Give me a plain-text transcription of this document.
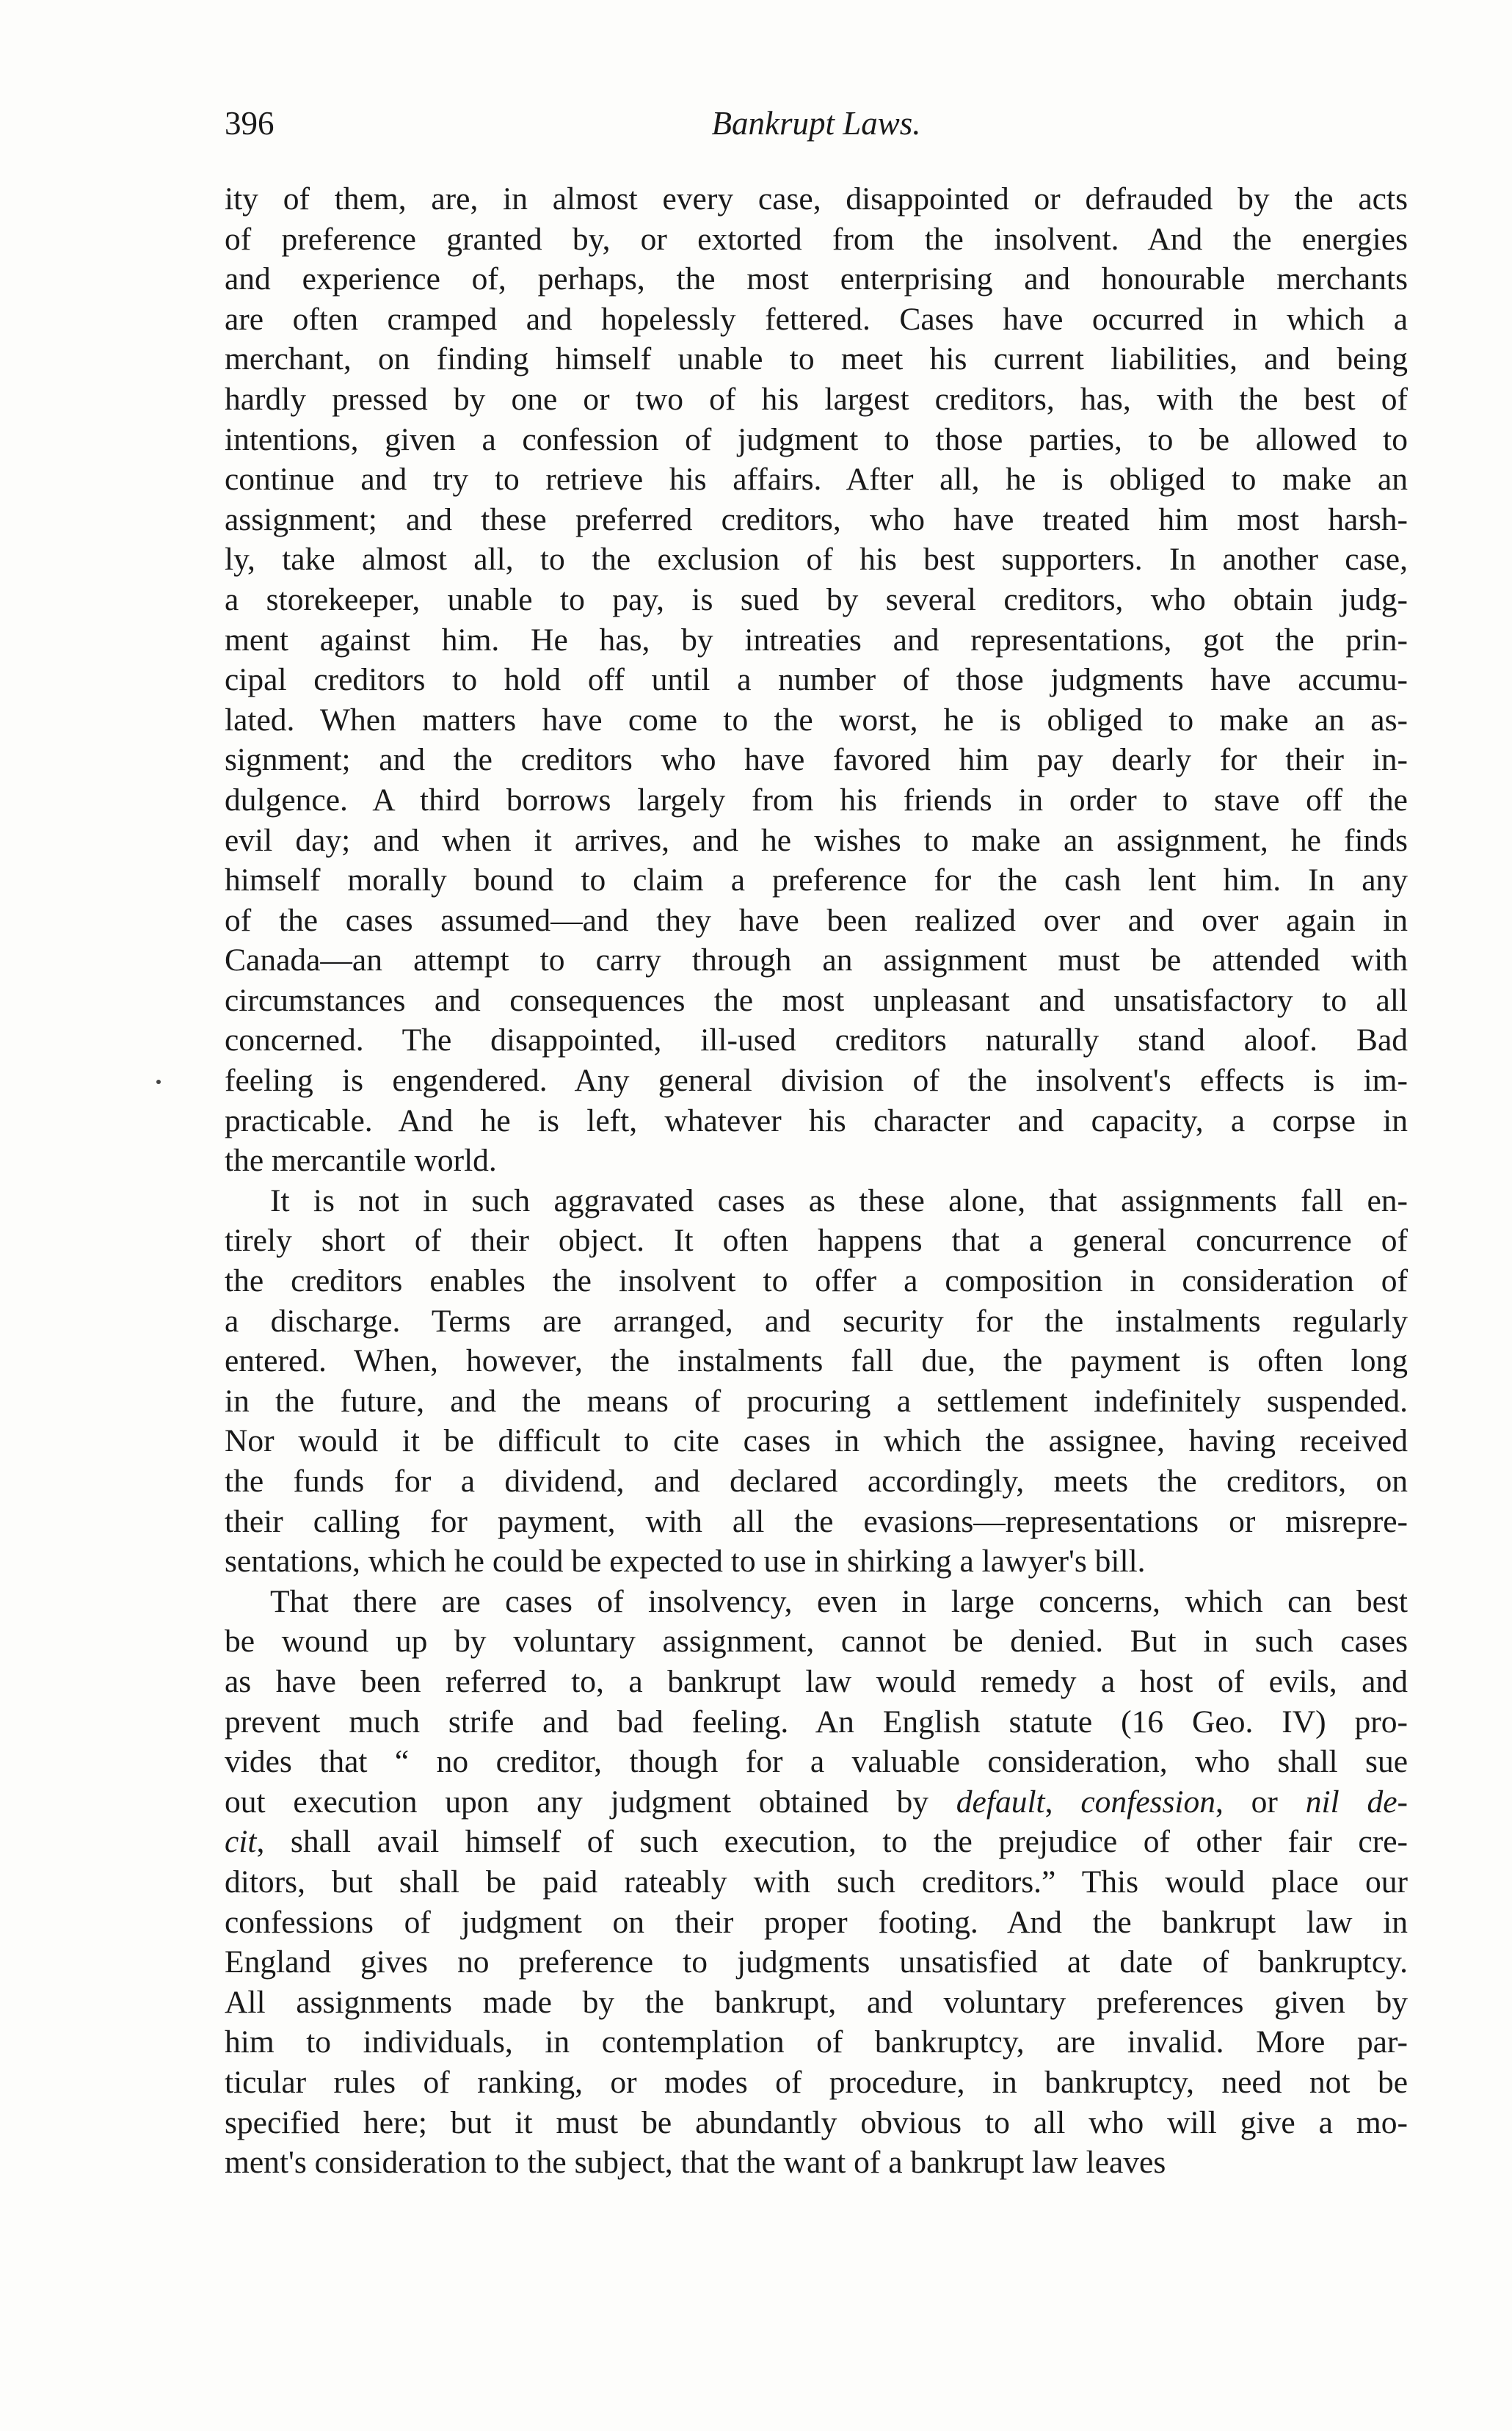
396	Bankrupt Laws.
ity of them, are, in almost every case, disappointed or defrauded by the acts
of preference granted by, or extorted from the insolvent. And the energies
and experience of, perhaps, the most enterprising and honourable merchants
are often cramped and hopelessly fettered. Cases have occurred in which a
merchant, on finding himself unable to meet his current liabilities, and being
hardly pressed by one or two of his largest creditors, has, with the best of
intentions, given a confession of judgment to those parties, to be allowed to
continue and try to retrieve his affairs. After all, he is obliged to make an
assignment; and these preferred creditors, who have treated him most harsh-
ly, take almost all, to the exclusion of his best supporters. In another case,
a storekeeper, unable to pay, is sued by several creditors, who obtain judg-
ment against him. He has, by intreaties and representations, got the prin-
cipal creditors to hold off until a number of those judgments have accumu-
lated. When matters have come to the worst, he is obliged to make an as-
signment; and the creditors who have favored him pay dearly for their in-
dulgence. A third borrows largely from his friends in order to stave off the
evil day; and when it arrives, and he wishes to make an assignment, he finds
himself morally bound to claim a preference for the cash lent him. In any
of the cases assumed—and they have been realized over and over again in
Canada—an attempt to carry through an assignment must be attended with
circumstances and consequences the most unpleasant and unsatisfactory to all
concerned. The disappointed, ill-used creditors naturally stand aloof. Bad
feeling is engendered. Any general division of the insolvent's effects is im-
practicable. And he is left, whatever his character and capacity, a corpse in
the mercantile world.
It is not in such aggravated cases as these alone, that assignments fall en-
tirely short of their object. It often happens that a general concurrence of
the creditors enables the insolvent to offer a composition in consideration of
a discharge. Terms are arranged, and security for the instalments regularly
entered. When, however, the instalments fall due, the payment is often long
in the future, and the means of procuring a settlement indefinitely suspended.
Nor would it be difficult to cite cases in which the assignee, having received
the funds for a dividend, and declared accordingly, meets the creditors, on
their calling for payment, with all the evasions—representations or misrepre-
sentations, which he could be expected to use in shirking a lawyer's bill.
That there are cases of insolvency, even in large concerns, which can best
be wound up by voluntary assignment, cannot be denied. But in such cases
as have been referred to, a bankrupt law would remedy a host of evils, and
prevent much strife and bad feeling. An English statute (16 Geo. IV) pro-
vides that “ no creditor, though for a valuable consideration, who shall sue
out execution upon any judgment obtained by default, confession, or nil de-
cit, shall avail himself of such execution, to the prejudice of other fair cre-
ditors, but shall be paid rateably with such creditors.” This would place our
confessions of judgment on their proper footing. And the bankrupt law in
England gives no preference to judgments unsatisfied at date of bankruptcy.
All assignments made by the bankrupt, and voluntary preferences given by
him to individuals, in contemplation of bankruptcy, are invalid. More par-
ticular rules of ranking, or modes of procedure, in bankruptcy, need not be
specified here; but it must be abundantly obvious to all who will give a mo-
ment's consideration to the subject, that the want of a bankrupt law leaves
